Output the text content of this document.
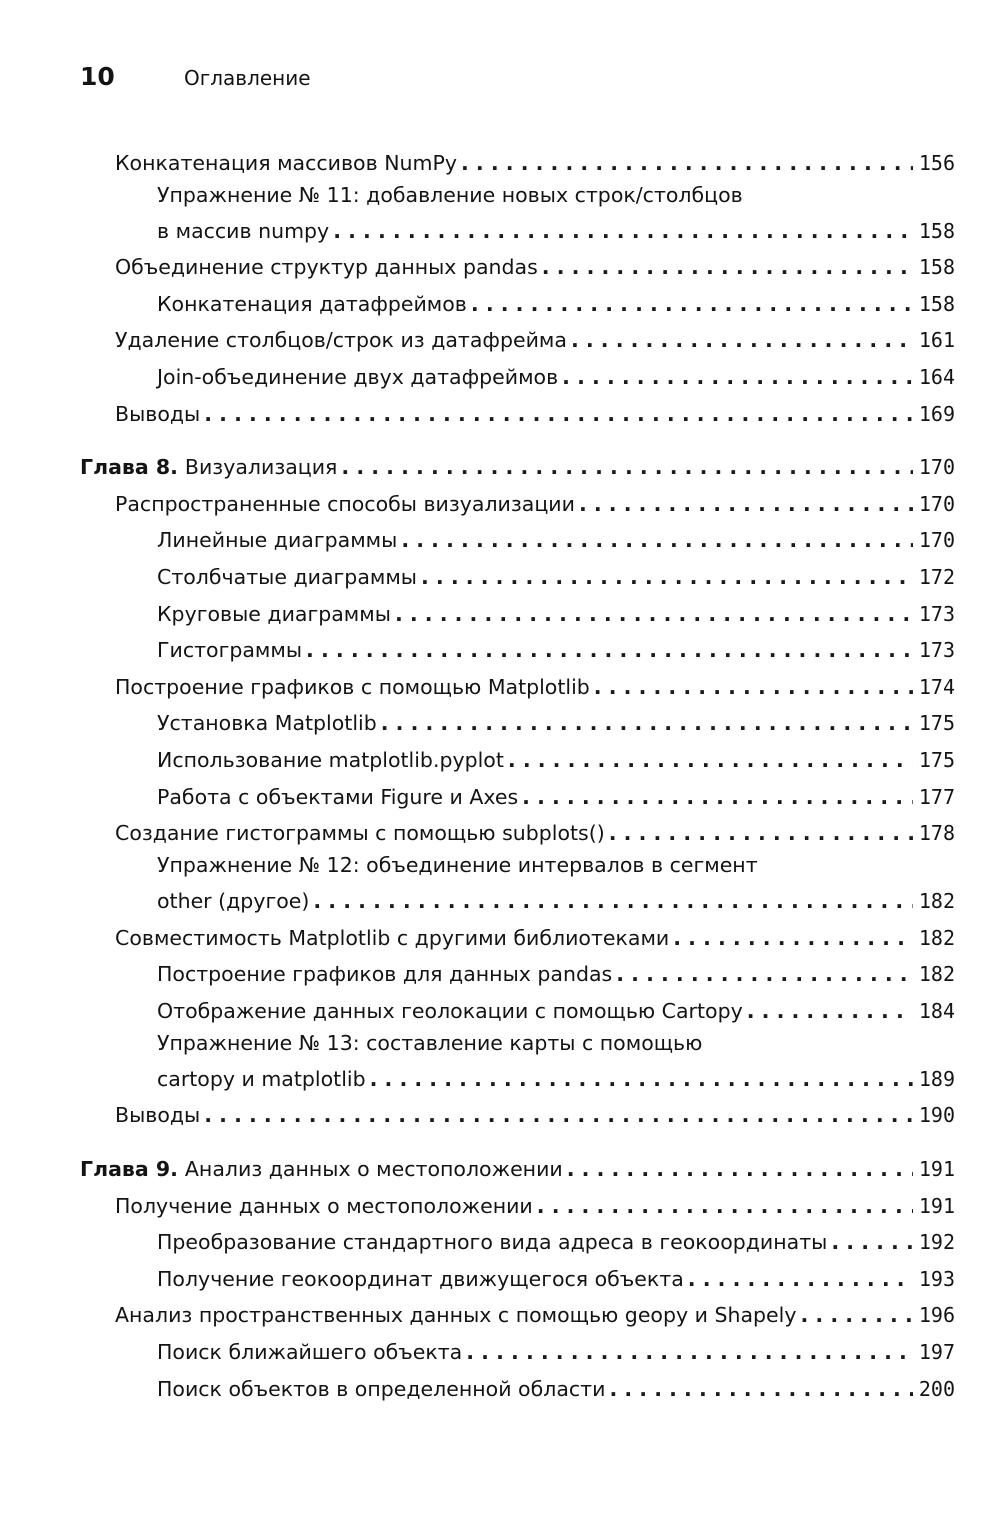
10	Оглавление
Конкатенация массивов NumPy . . .	156
Упражнение № 11: добавление новых строк/столбцов
в массив numpy . . .	158
Объединение структур данных pandas . . .	158
Конкатенация датафреймов . . .	158
Удаление столбцов/строк из датафрейма . . .	161
Join-объединение двух датафреймов . . .	164
Выводы . . .	169
Глава 8. Визуализация . . .	170
Распространенные способы визуализации . . .	170
Линейные диаграммы . . .	170
Столбчатые диаграммы . . .	172
Круговые диаграммы . . .	173
Гистограммы . . .	173
Построение графиков с помощью Matplotlib . . .	174
Установка Matplotlib . . .	175
Использование matplotlib.pyplot . . .	175
Работа с объектами Figure и Axes . . .	177
Создание гистограммы с помощью subplots() . . .	178
Упражнение № 12: объединение интервалов в сегмент
other (другое) . . .	182
Совместимость Matplotlib с другими библиотеками . . .	182
Построение графиков для данных pandas . . .	182
Отображение данных геолокации с помощью Cartopy . . .	184
Упражнение № 13: составление карты с помощью
cartopy и matplotlib . . .	189
Выводы . . .	190
Глава 9. Анализ данных о местоположении . . .	191
Получение данных о местоположении . . .	191
Преобразование стандартного вида адреса в геокоординаты . . .	192
Получение геокоординат движущегося объекта . . .	193
Анализ пространственных данных с помощью geopy и Shapely . . .	196
Поиск ближайшего объекта . . .	197
Поиск объектов в определенной области . . .	200
